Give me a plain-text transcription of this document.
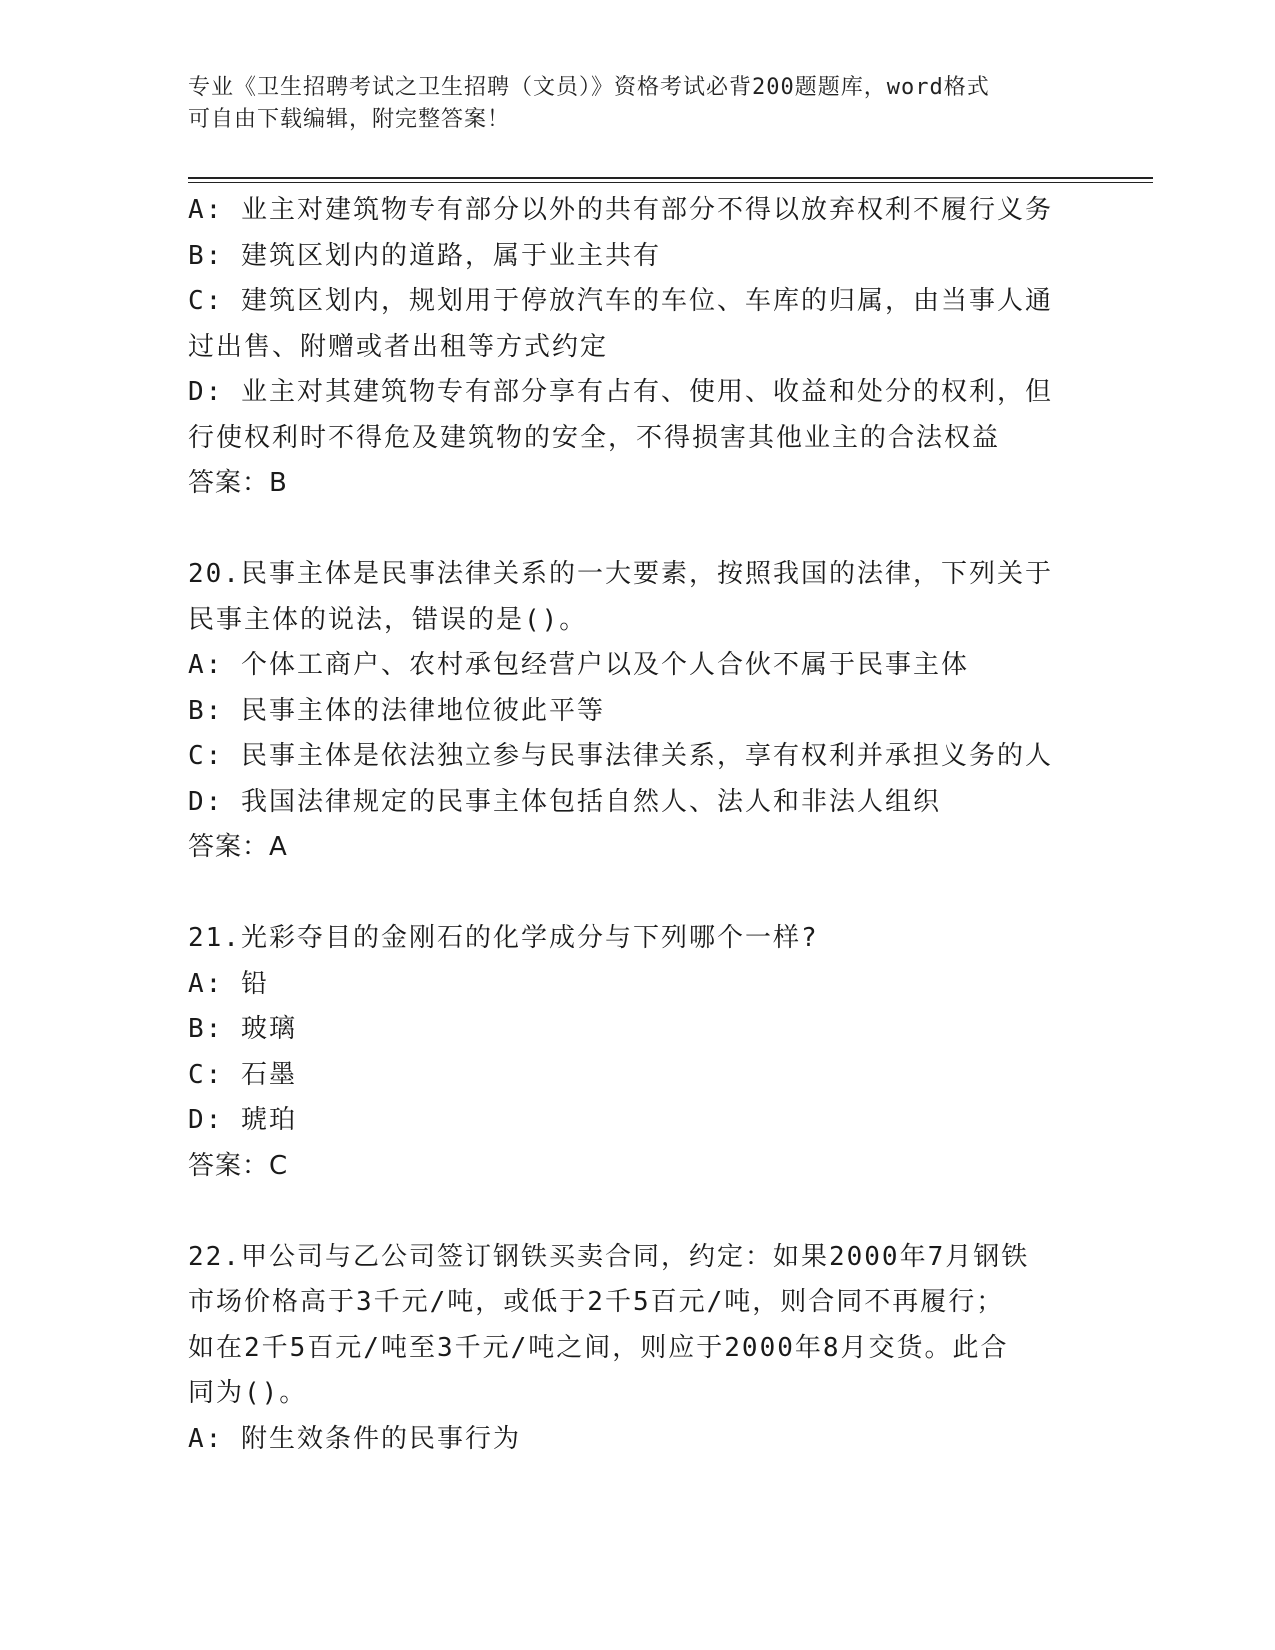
专业《卫生招聘考试之卫生招聘（文员）》资格考试必背200题题库，word格式
可自由下载编辑，附完整答案！
A: 业主对建筑物专有部分以外的共有部分不得以放弃权利不履行义务
B: 建筑区划内的道路，属于业主共有
C: 建筑区划内，规划用于停放汽车的车位、车库的归属，由当事人通
过出售、附赠或者出租等方式约定
D: 业主对其建筑物专有部分享有占有、使用、收益和处分的权利，但
行使权利时不得危及建筑物的安全，不得损害其他业主的合法权益
答案：B
20.民事主体是民事法律关系的一大要素，按照我国的法律，下列关于
民事主体的说法，错误的是()。
A: 个体工商户、农村承包经营户以及个人合伙不属于民事主体
B: 民事主体的法律地位彼此平等
C: 民事主体是依法独立参与民事法律关系，享有权利并承担义务的人
D: 我国法律规定的民事主体包括自然人、法人和非法人组织
答案：A
21.光彩夺目的金刚石的化学成分与下列哪个一样?
A: 铅
B: 玻璃
C: 石墨
D: 琥珀
答案：C
22.甲公司与乙公司签订钢铁买卖合同，约定：如果2000年7月钢铁
市场价格高于3千元/吨，或低于2千5百元/吨，则合同不再履行；
如在2千5百元/吨至3千元/吨之间，则应于2000年8月交货。此合
同为()。
A: 附生效条件的民事行为
